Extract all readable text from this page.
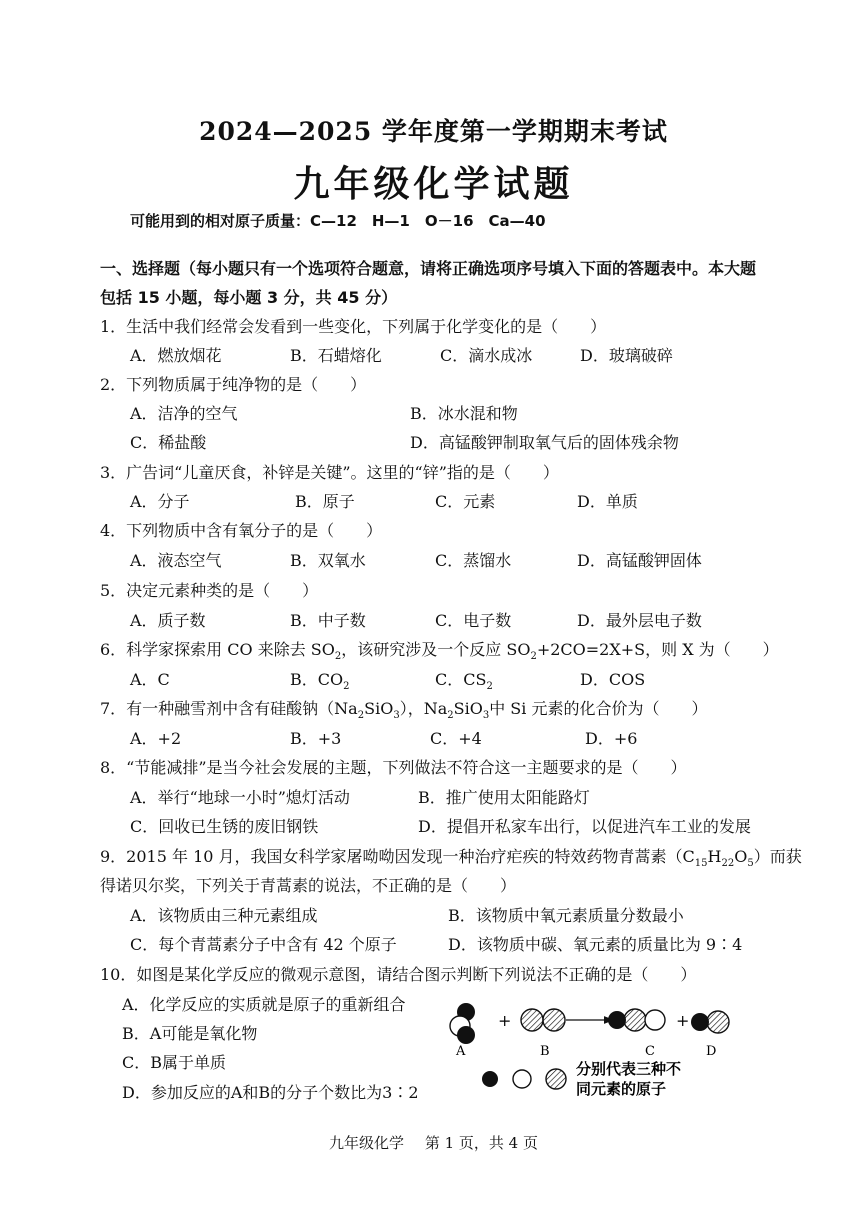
2024—2025 学年度第一学期期末考试
九年级化学试题
可能用到的相对原子质量：C—12　H—1　O－16　Ca—40
一、选择题（每小题只有一个选项符合题意，请将正确选项序号填入下面的答题表中。本大题
包括 15 小题，每小题 3 分，共 45 分）
1．生活中我们经常会发看到一些变化，下列属于化学变化的是（　　）
A．燃放烟花	B．石蜡熔化	C．滴水成冰	D．玻璃破碎
2．下列物质属于纯净物的是（　　）
A．洁净的空气	B．冰水混和物
C．稀盐酸	D．高锰酸钾制取氧气后的固体残余物
3．广告词“儿童厌食，补锌是关键”。这里的“锌”指的是（　　）
A．分子	B．原子	C．元素	D．单质
4．下列物质中含有氧分子的是（　　）
A．液态空气	B．双氧水	C．蒸馏水	D．高锰酸钾固体
5．决定元素种类的是（　　）
A．质子数	B．中子数	C．电子数	D．最外层电子数
6．科学家探索用 CO 来除去 $SO_2$，该研究涉及一个反应 $SO_2+2CO=2X+S$，则 X 为（　　）
A．C	B．$CO_2$	C．$CS_2$	D．COS
7．有一种融雪剂中含有硅酸钠$(Na_2SiO_3)$，$Na_2SiO_3$中 Si 元素的化合价为（　　）
A．+2	B．+3	C．+4	D．+6
8．“节能减排”是当今社会发展的主题，下列做法不符合这一主题要求的是（　　）
A．举行“地球一小时”熄灯活动	B．推广使用太阳能路灯
C．回收已生锈的废旧钢铁	D．提倡开私家车出行，以促进汽车工业的发展
9．2015 年 10 月，我国女科学家屠呦呦因发现一种治疗疟疾的特效药物青蒿素$(C_{15}H_{22}O_5)$而获
得诺贝尔奖，下列关于青蒿素的说法，不正确的是（　　）
A．该物质由三种元素组成	B．该物质中氧元素质量分数最小
C．每个青蒿素分子中含有 42 个原子	D．该物质中碳、氧元素的质量比为 9∶4
10．如图是某化学反应的微观示意图，请结合图示判断下列说法不正确的是（　　）
A．化学反应的实质就是原子的重新组合
B．A可能是氧化物
C．B属于单质
D．参加反应的A和B的分子个数比为3∶2
+	+
A	B	C	D
分别代表三种不
同元素的原子
九年级化学 第 1 页，共 4 页
